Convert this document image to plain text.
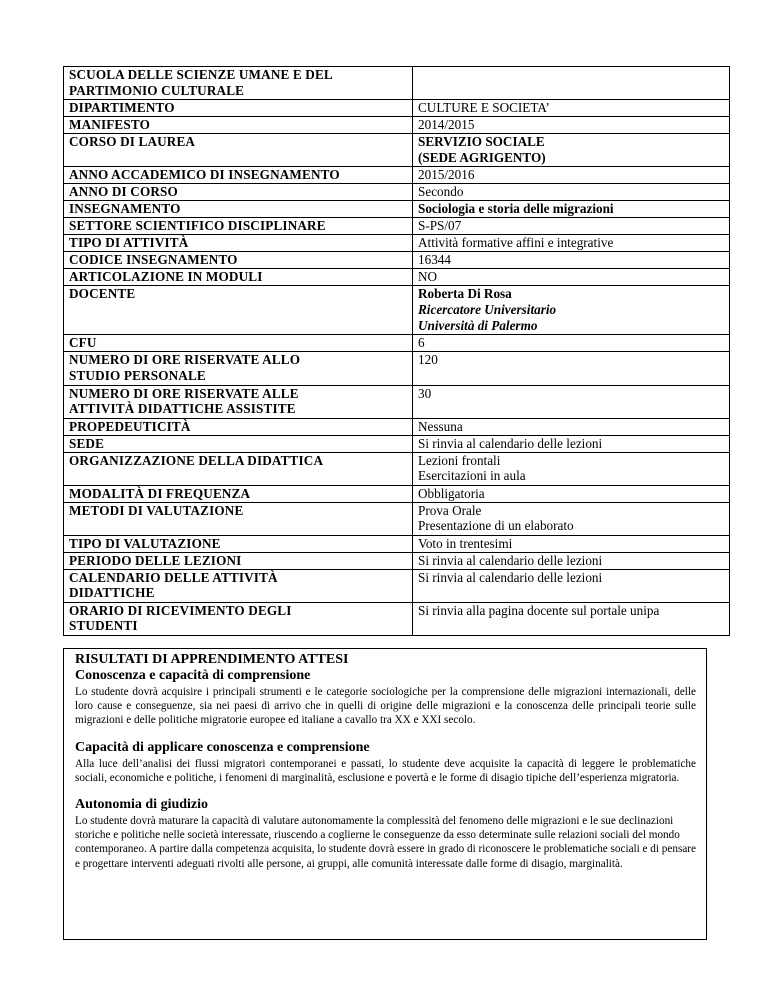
SCUOLA DELLE SCIENZE UMANE E DEL
PARTIMONIO CULTURALE	

DIPARTIMENTO	CULTURE E SOCIETA’

MANIFESTO	2014/2015

CORSO DI LAUREA	SERVIZIO SOCIALE
(SEDE AGRIGENTO)

ANNO ACCADEMICO DI INSEGNAMENTO	2015/2016

ANNO DI CORSO	Secondo

INSEGNAMENTO	Sociologia e storia delle migrazioni

SETTORE SCIENTIFICO DISCIPLINARE	S-PS/07

TIPO DI ATTIVITÀ	Attività formative affini e integrative

CODICE INSEGNAMENTO	16344

ARTICOLAZIONE IN MODULI	NO

DOCENTE	Roberta Di Rosa
Ricercatore Universitario
Università di Palermo

CFU	6

NUMERO DI ORE RISERVATE ALLO
STUDIO PERSONALE	120

NUMERO DI ORE RISERVATE ALLE
ATTIVITÀ DIDATTICHE ASSISTITE	30

PROPEDEUTICITÀ	Nessuna

SEDE	Si rinvia al calendario delle lezioni

ORGANIZZAZIONE DELLA DIDATTICA	Lezioni frontali
Esercitazioni in aula

MODALITÀ DI FREQUENZA	Obbligatoria

METODI DI VALUTAZIONE	Prova Orale
Presentazione di un elaborato

TIPO DI VALUTAZIONE	Voto in trentesimi

PERIODO DELLE LEZIONI	Si rinvia al calendario delle lezioni

CALENDARIO DELLE ATTIVITÀ
DIDATTICHE	Si rinvia al calendario delle lezioni

ORARIO DI RICEVIMENTO DEGLI
STUDENTI	Si rinvia alla pagina docente sul portale unipa
RISULTATI DI APPRENDIMENTO ATTESI
Conoscenza e capacità di comprensione
Lo studente dovrà acquisire i principali strumenti e le categorie sociologiche per la comprensione delle migrazioni internazionali, delle loro cause e conseguenze, sia nei paesi di arrivo che in quelli di origine delle migrazioni e la conoscenza delle principali teorie sulle migrazioni e delle politiche migratorie europee ed italiane a cavallo tra XX e XXI secolo.
Capacità di applicare conoscenza e comprensione
Alla luce dell’analisi dei flussi migratori contemporanei e passati, lo studente deve acquisite la capacità di leggere le problematiche sociali, economiche e politiche, i fenomeni di marginalità, esclusione e povertà e le forme di disagio tipiche dell’esperienza migratoria.
Autonomia di giudizio
Lo studente dovrà maturare la capacità di valutare autonomamente la complessità del fenomeno delle migrazioni e le sue declinazioni storiche e politiche nelle società interessate, riuscendo a coglierne le conseguenze da esso determinate sulle relazioni sociali del mondo contemporaneo. A partire dalla competenza acquisita, lo studente dovrà essere in grado di riconoscere le problematiche sociali e di pensare e progettare interventi adeguati rivolti alle persone, ai gruppi, alle comunità interessate dalle forme di disagio, marginalità.
